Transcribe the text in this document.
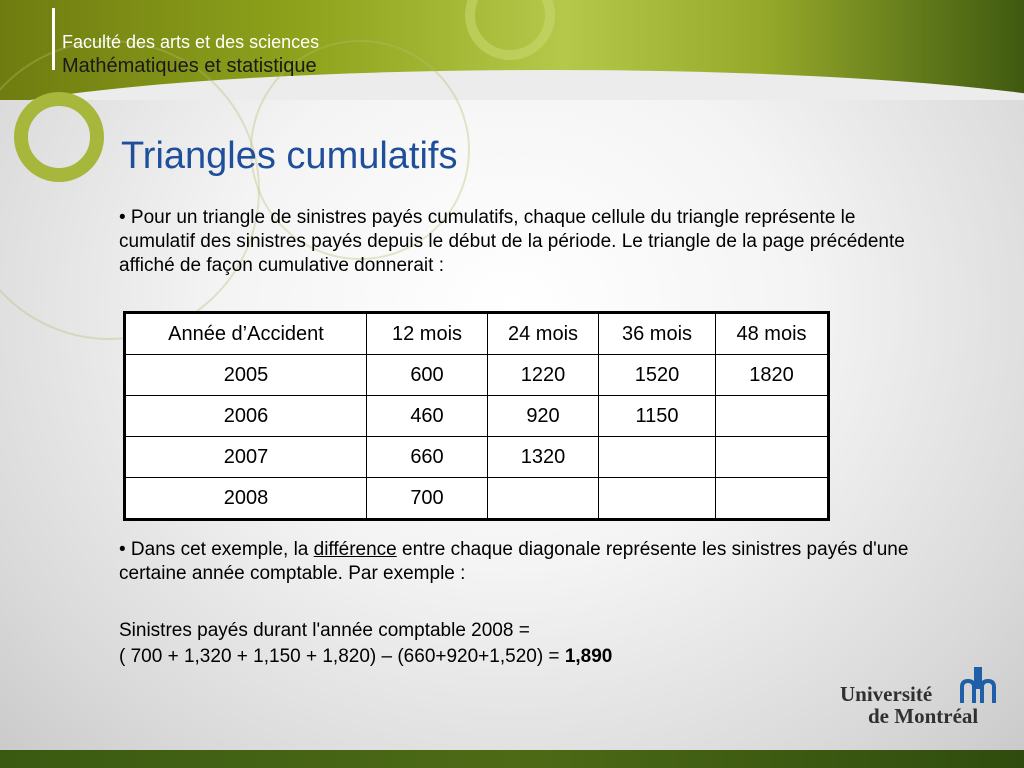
Faculté des arts et des sciences
Mathématiques et statistique
Triangles cumulatifs
• Pour un triangle de sinistres payés cumulatifs, chaque cellule du triangle représente le cumulatif des sinistres payés depuis le début de la période. Le triangle de la page précédente affiché de façon cumulative donnerait :
Année d’Accident	12 mois	24 mois	36 mois	48 mois
2005	600	1220	1520	1820
2006	460	920	1150	
2007	660	1320		
2008	700			
• Dans cet exemple, la différence entre chaque diagonale représente les sinistres payés d'une certaine année comptable. Par exemple :
Sinistres payés durant l'année comptable 2008 =
( 700 + 1,320 + 1,150 + 1,820) – (660+920+1,520) = 1,890
Université
de Montréal
